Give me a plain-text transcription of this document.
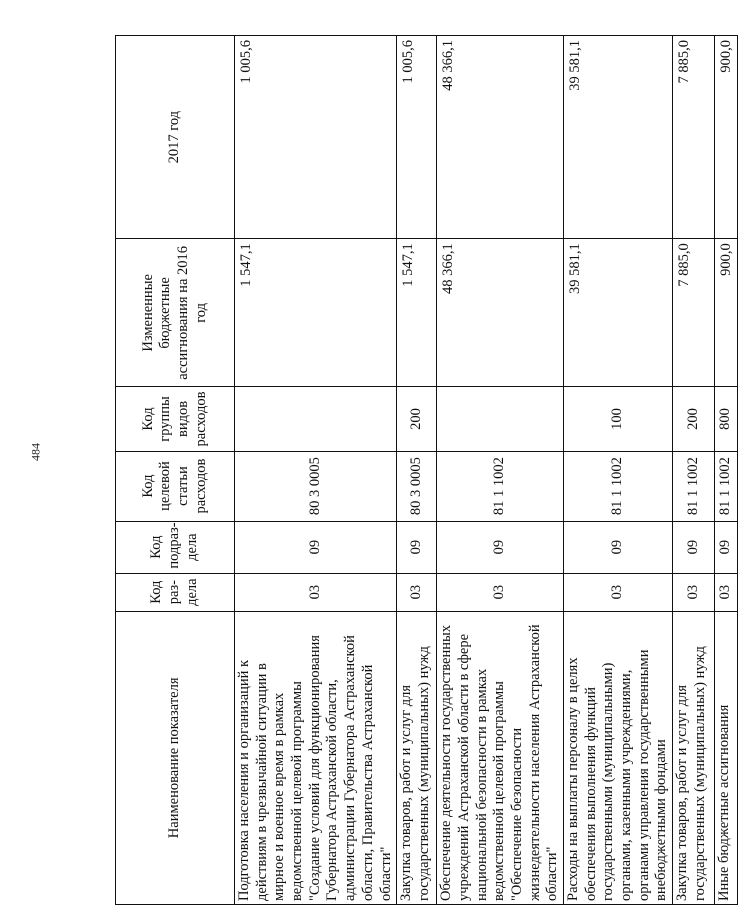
484
Наименование показателя	Код раз-дела	Код подраз-дела	Код целевой статьи расходов	Код группы видов расходов	Измененные бюджетные ассигнования на 2016 год	2017 год
Подготовка населения и организаций к действиям в чрезвычайной ситуации в мирное и военное время в рамках ведомственной целевой программы "Создание условий для функционирования Губернатора Астраханской области, администрации Губернатора Астраханской области, Правительства Астраханской области"	03	09	80 3 0005		1 547,1	1 005,6
Закупка товаров, работ и услуг для государственных (муниципальных) нужд	03	09	80 3 0005	200	1 547,1	1 005,6
Обеспечение деятельности государственных учреждений Астраханской области в сфере национальной безопасности в рамках ведомственной целевой программы "Обеспечение безопасности жизнедеятельности населения Астраханской области"	03	09	81 1 1002		48 366,1	48 366,1
Расходы на выплаты персоналу в целях обеспечения выполнения функций государственными (муниципальными) органами, казенными учреждениями, органами управления государственными внебюджетными фондами	03	09	81 1 1002	100	39 581,1	39 581,1
Закупка товаров, работ и услуг для государственных (муниципальных) нужд	03	09	81 1 1002	200	7 885,0	7 885,0
Иные бюджетные ассигнования	03	09	81 1 1002	800	900,0	900,0
